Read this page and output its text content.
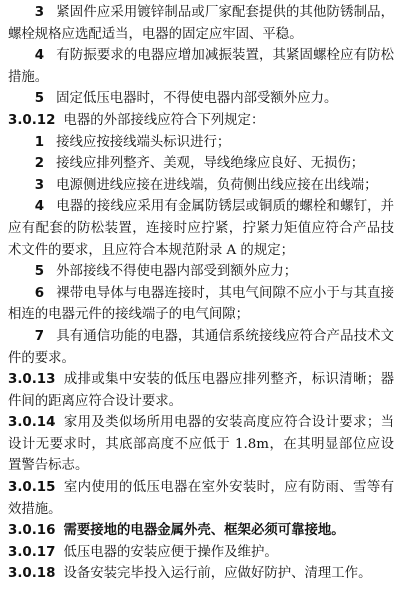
3 紧固件应采用镀锌制品或厂家配套提供的其他防锈制品，螺栓规格应选配适当，电器的固定应牢固、平稳。

4 有防振要求的电器应增加减振装置，其紧固螺栓应有防松措施。

5 固定低压电器时，不得使电器内部受额外应力。

3.0.12 电器的外部接线应符合下列规定：

1 接线应按接线端头标识进行；

2 接线应排列整齐、美观，导线绝缘应良好、无损伤；

3 电源侧进线应接在进线端，负荷侧出线应接在出线端；

4 电器的接线应采用有金属防锈层或铜质的螺栓和螺钉，并应有配套的防松装置，连接时应拧紧，拧紧力矩值应符合产品技术文件的要求，且应符合本规范附录 A 的规定；

5 外部接线不得使电器内部受到额外应力；

6 裸带电导体与电器连接时，其电气间隙不应小于与其直接相连的电器元件的接线端子的电气间隙；

7 具有通信功能的电器，其通信系统接线应符合产品技术文件的要求。

3.0.13 成排或集中安装的低压电器应排列整齐，标识清晰；器件间的距离应符合设计要求。

3.0.14 家用及类似场所用电器的安装高度应符合设计要求；当设计无要求时，其底部高度不应低于 1.8m，在其明显部位应设置警告标志。

3.0.15 室内使用的低压电器在室外安装时，应有防雨、雪等有效措施。

3.0.16 需要接地的电器金属外壳、框架必须可靠接地。

3.0.17 低压电器的安装应便于操作及维护。

3.0.18 设备安装完毕投入运行前，应做好防护、清理工作。
